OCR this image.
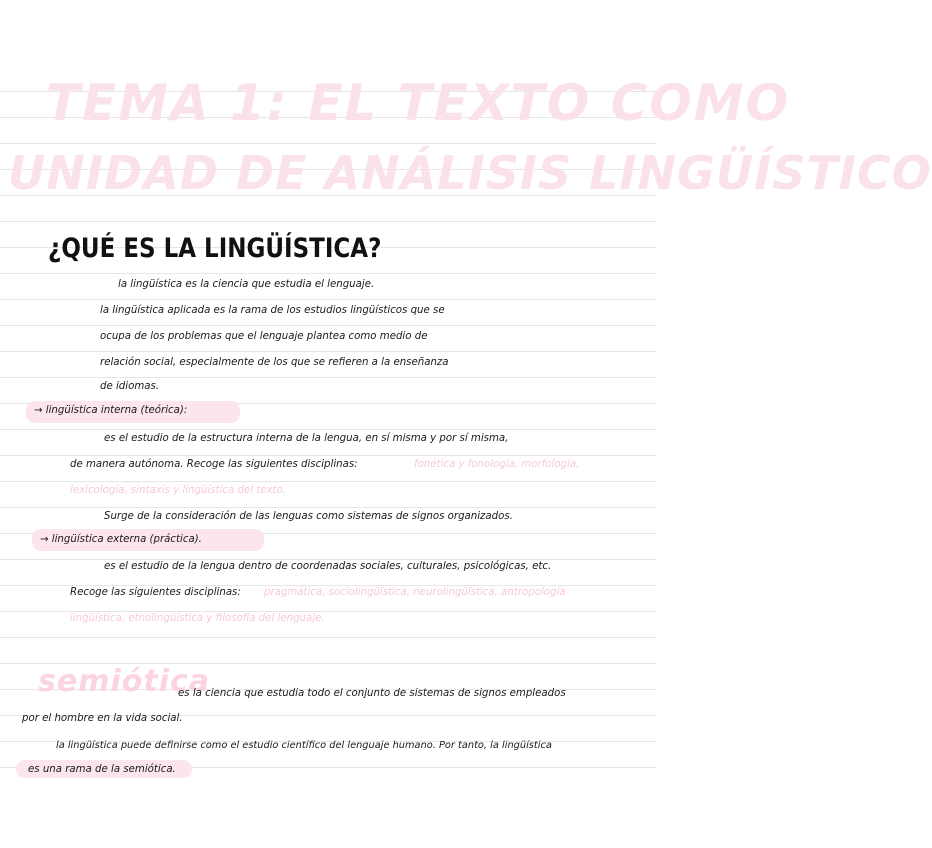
TEMA 1: EL TEXTO COMO
UNIDAD DE ANÁLISIS LINGÜÍSTICO
¿QUÉ ES LA LINGÜÍSTICA?
la lingüística es la ciencia que estudia el lenguaje.
la lingüística aplicada es la rama de los estudios lingüísticos que se
ocupa de los problemas que el lenguaje plantea como medio de
relación social, especialmente de los que se refieren a la enseñanza
de idiomas.
→ lingüística interna (teórica):
es el estudio de la estructura interna de la lengua, en sí misma y por sí misma,
de manera autónoma. Recoge las siguientes disciplinas:	fonética y fonología, morfología,
lexicología, sintaxis y lingüística del texto.
Surge de la consideración de las lenguas como sistemas de signos organizados.
→ lingüística externa (práctica).
es el estudio de la lengua dentro de coordenadas sociales, culturales, psicológicas, etc.
Recoge las siguientes disciplinas: pragmática, sociolingüística, neurolingüística, antropología
lingüística, etnolingüística y filosofía del lenguaje.
semiótica
es la ciencia que estudia todo el conjunto de sistemas de signos empleados
por el hombre en la vida social.
la lingüística puede definirse como el estudio científico del lenguaje humano. Por tanto, la lingüística
es una rama de la semiótica.
